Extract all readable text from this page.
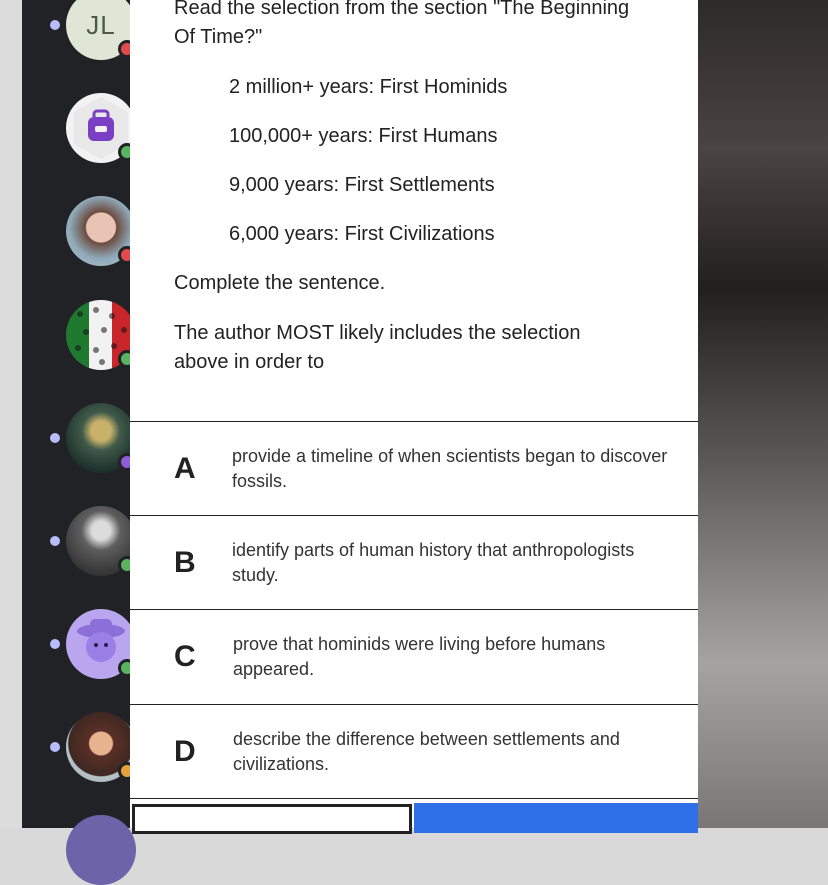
JL
Read the selection from the section "The Beginning Of Time?"
2 million+ years: First Hominids
100,000+ years: First Humans
9,000 years: First Settlements
6,000 years: First Civilizations
Complete the sentence.
The author MOST likely includes the selection above in order to
A provide a timeline of when scientists began to discover fossils.
B identify parts of human history that anthropologists study.
C prove that hominids were living before humans appeared.
D describe the difference between settlements and civilizations.
